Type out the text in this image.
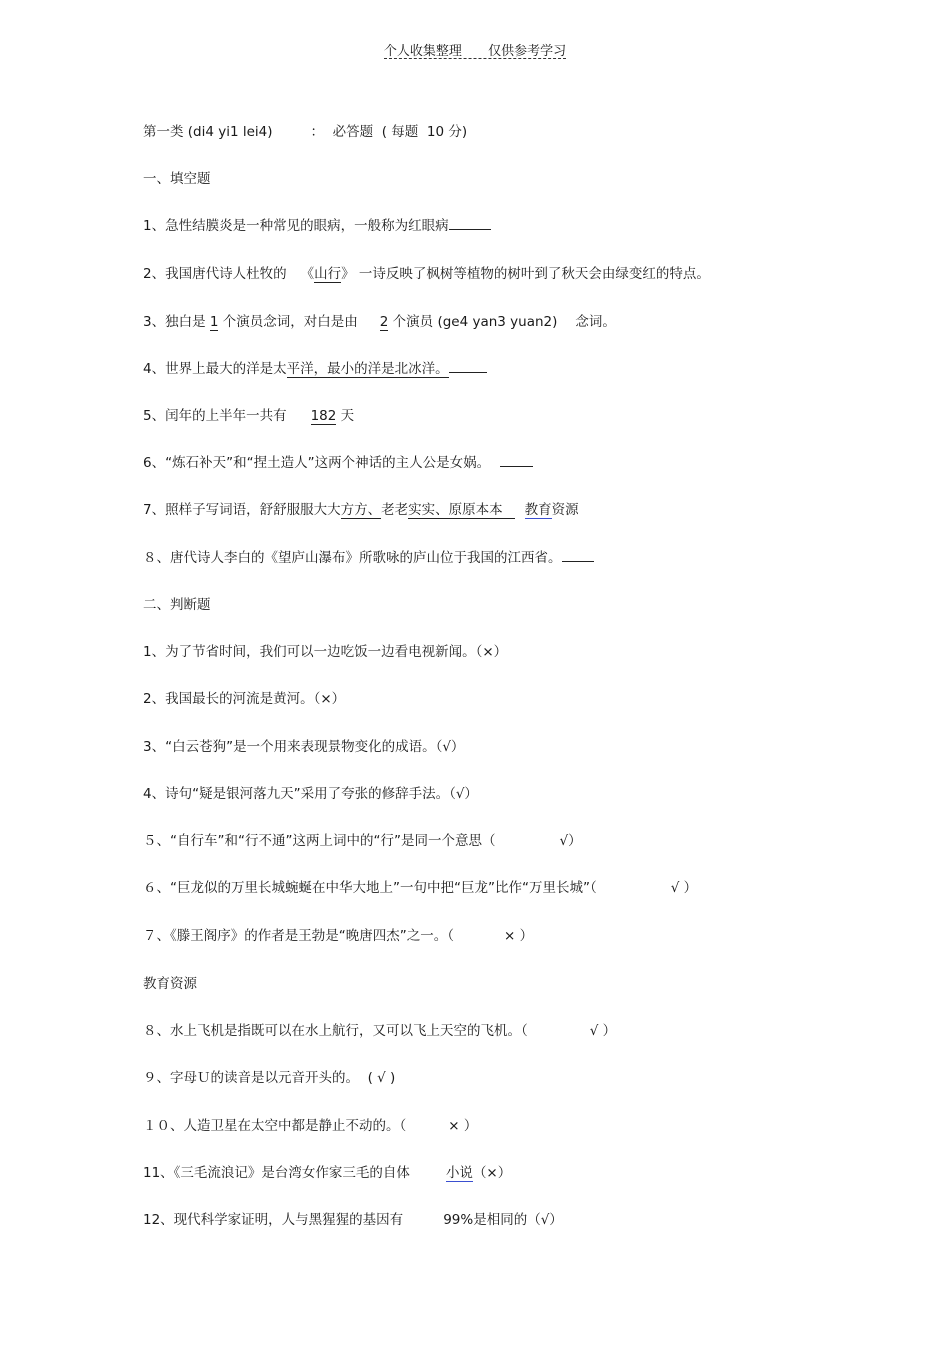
个人收集整理 仅供参考学习
第一类 (di4 yi1 lei4)	：  必答题  ( 每题  10 分)
一、填空题
1、急性结膜炎是一种常见的眼病，一般称为红眼病
2、我国唐代诗人杜牧的 《山行》 一诗反映了枫树等植物的树叶到了秋天会由绿变红的特点。
3、独白是 1 个演员念词，对白是由 2 个演员 (ge4 yan3 yuan2) 念词。
4、世界上最大的洋是太平洋，最小的洋是北冰洋。
5、闰年的上半年一共有 182 天
6、“炼石补天”和“捏土造人”这两个神话的主人公是女娲。
7、照样子写词语，舒舒服服大大方方、老老实实、原原本本 教育资源
８、唐代诗人李白的《望庐山瀑布》所歌咏的庐山位于我国的江西省。
二、判断题
1、为了节省时间，我们可以一边吃饭一边看电视新闻。（×）
2、我国最长的河流是黄河。（×）
3、“白云苍狗”是一个用来表现景物变化的成语。（√）
4、诗句“疑是银河落九天”采用了夸张的修辞手法。（√）
５、“自行车”和“行不通”这两上词中的“行”是同一个意思（	√）
６、“巨龙似的万里长城蜿蜒在中华大地上”一句中把“巨龙”比作“万里长城”（	√ ）
７、《滕王阁序》的作者是王勃是“晚唐四杰”之一。（	× ）
教育资源
８、水上飞机是指既可以在水上航行，又可以飞上天空的飞机。（	√ ）
９、字母Ｕ的读音是以元音开头的。  ( √ )
１０、人造卫星在太空中都是静止不动的。（	× ）
11、《三毛流浪记》是台湾女作家三毛的自体	小说（×）
12、现代科学家证明，人与黑猩猩的基因有	99%是相同的（√）
